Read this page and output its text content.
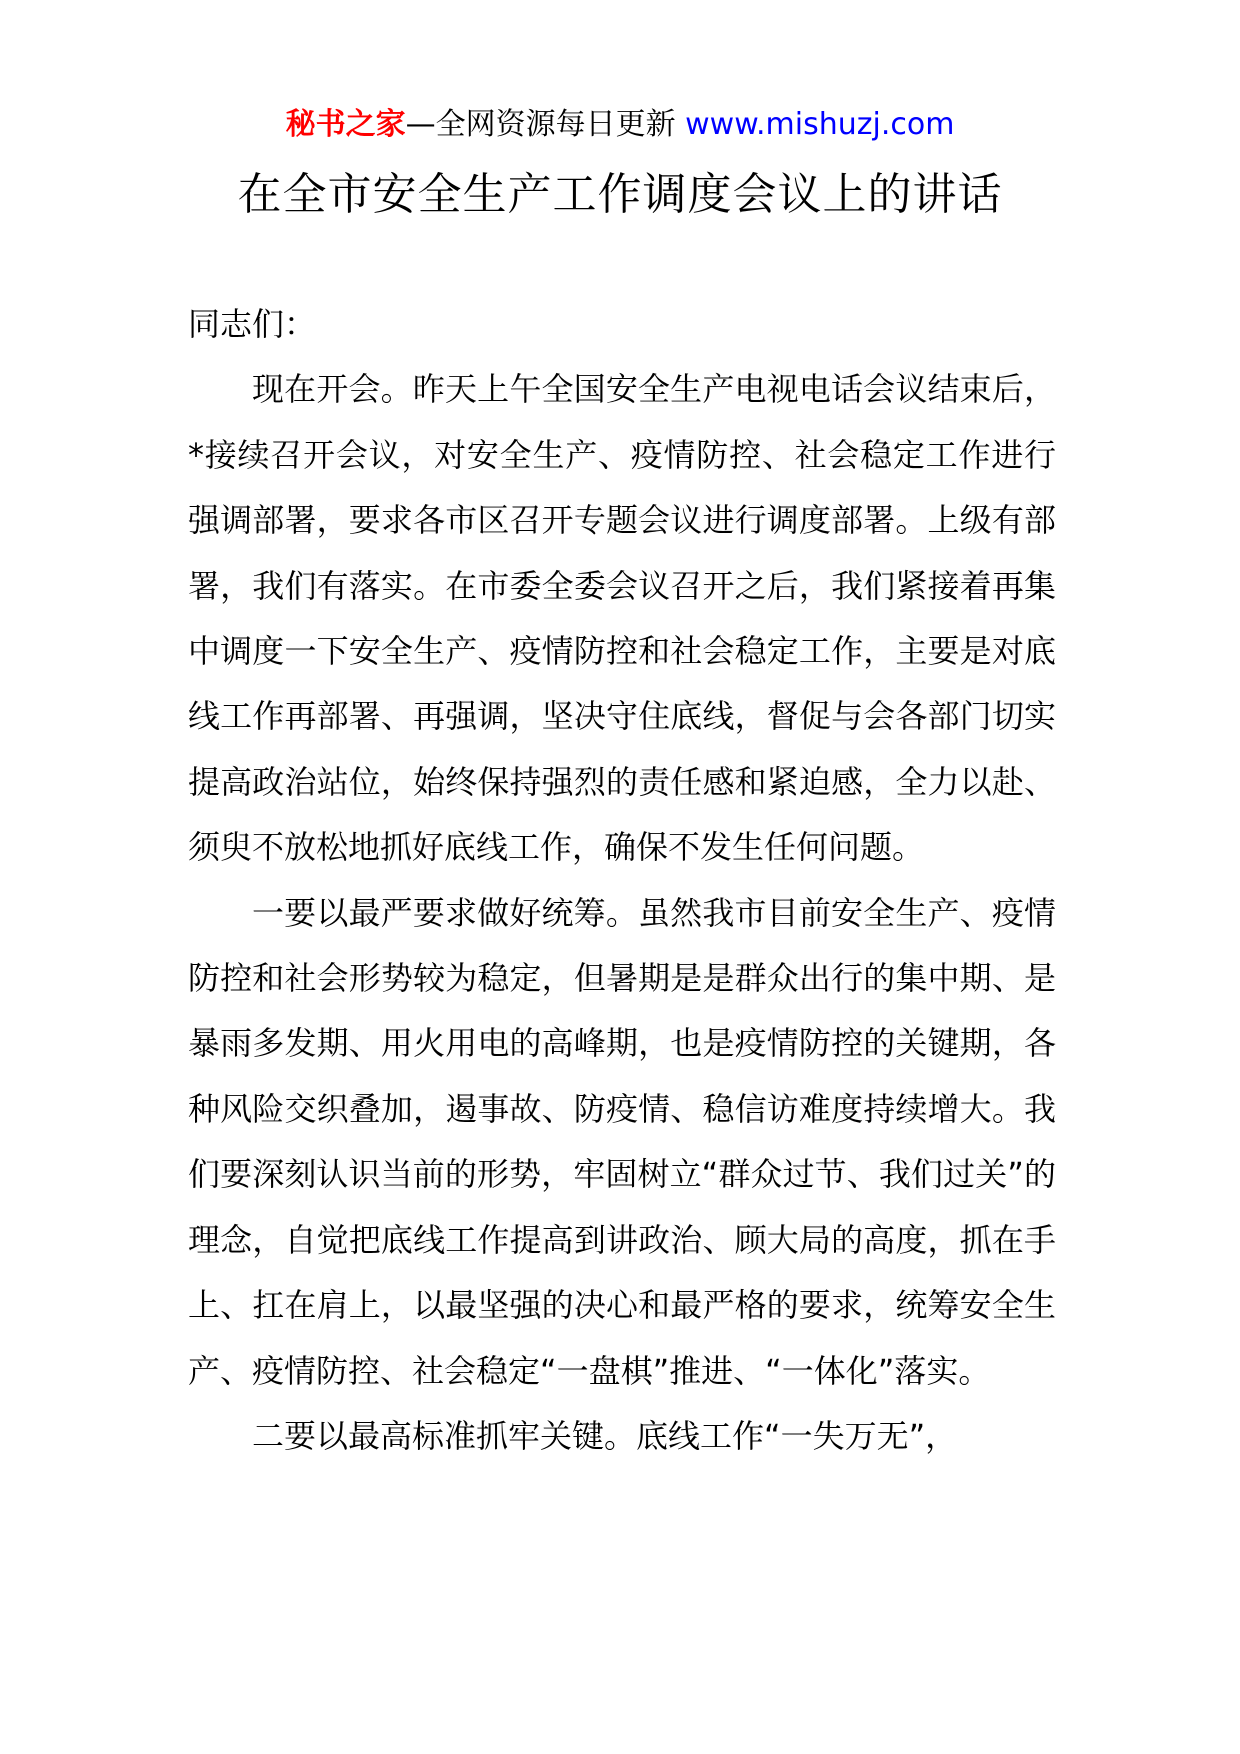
秘书之家—全网资源每日更新 www.mishuzj.com
在全市安全生产工作调度会议上的讲话

同志们：

现在开会。昨天上午全国安全生产电视电话会议结束后，*接续召开会议，对安全生产、疫情防控、社会稳定工作进行强调部署，要求各市区召开专题会议进行调度部署。上级有部署，我们有落实。在市委全委会议召开之后，我们紧接着再集中调度一下安全生产、疫情防控和社会稳定工作，主要是对底线工作再部署、再强调，坚决守住底线，督促与会各部门切实提高政治站位，始终保持强烈的责任感和紧迫感，全力以赴、须臾不放松地抓好底线工作，确保不发生任何问题。

一要以最严要求做好统筹。虽然我市目前安全生产、疫情防控和社会形势较为稳定，但暑期是是群众出行的集中期、是暴雨多发期、用火用电的高峰期，也是疫情防控的关键期，各种风险交织叠加，遏事故、防疫情、稳信访难度持续增大。我们要深刻认识当前的形势，牢固树立“群众过节、我们过关”的理念，自觉把底线工作提高到讲政治、顾大局的高度，抓在手上、扛在肩上，以最坚强的决心和最严格的要求，统筹安全生产、疫情防控、社会稳定“一盘棋”推进、“一体化”落实。

二要以最高标准抓牢关键。底线工作“一失万无”，
